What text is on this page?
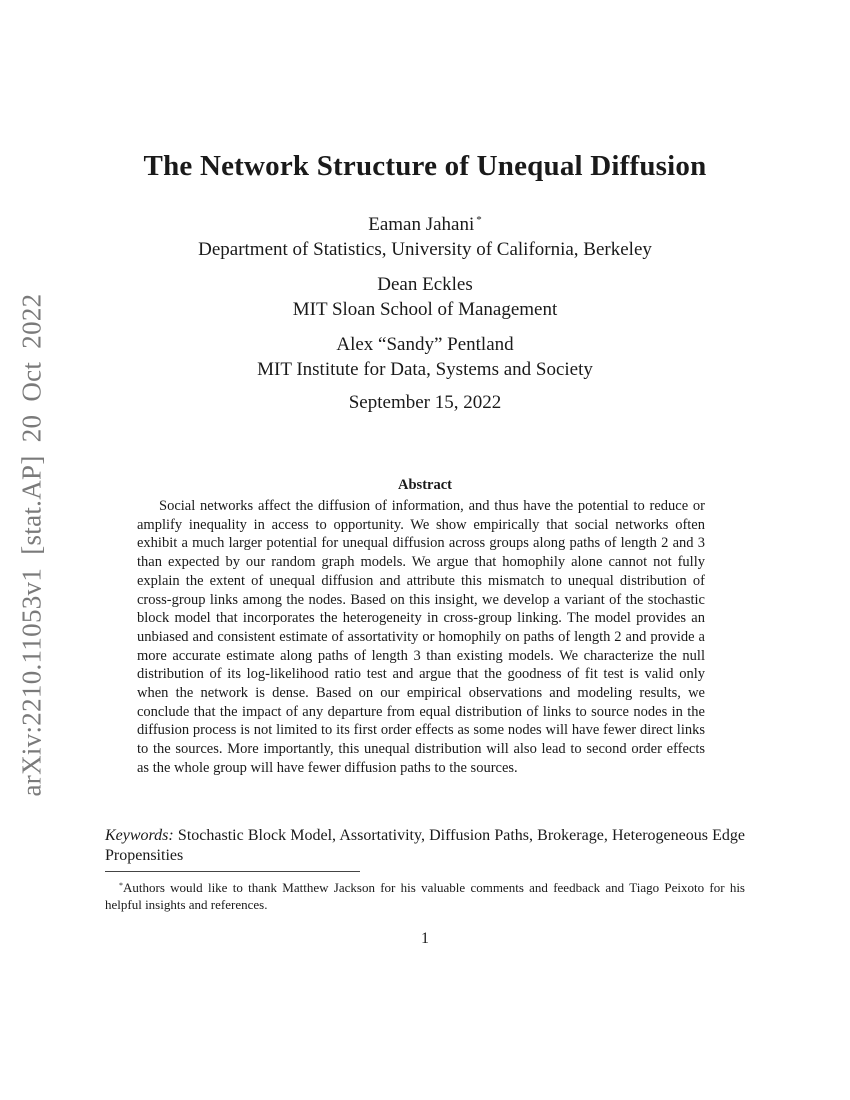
arXiv:2210.11053v1 [stat.AP] 20 Oct 2022
The Network Structure of Unequal Diffusion
Eaman Jahani *
Department of Statistics, University of California, Berkeley
Dean Eckles
MIT Sloan School of Management
Alex “Sandy” Pentland
MIT Institute for Data, Systems and Society
September 15, 2022
Abstract

Social networks affect the diffusion of information, and thus have the potential to reduce or amplify inequality in access to opportunity. We show empirically that social networks often exhibit a much larger potential for unequal diffusion across groups along paths of length 2 and 3 than expected by our random graph models. We argue that homophily alone cannot not fully explain the extent of unequal diffusion and attribute this mismatch to unequal distribution of cross-group links among the nodes. Based on this insight, we develop a variant of the stochastic block model that incorporates the heterogeneity in cross-group linking. The model provides an unbiased and consistent estimate of assortativity or homophily on paths of length 2 and provide a more accurate estimate along paths of length 3 than existing models. We characterize the null distribution of its log-likelihood ratio test and argue that the goodness of fit test is valid only when the network is dense. Based on our empirical observations and modeling results, we conclude that the impact of any departure from equal distribution of links to source nodes in the diffusion process is not limited to its first order effects as some nodes will have fewer direct links to the sources. More importantly, this unequal distribution will also lead to second order effects as the whole group will have fewer diffusion paths to the sources.

Keywords: Stochastic Block Model, Assortativity, Diffusion Paths, Brokerage, Heterogeneous Edge Propensities

*Authors would like to thank Matthew Jackson for his valuable comments and feedback and Tiago Peixoto for his helpful insights and references.

1
